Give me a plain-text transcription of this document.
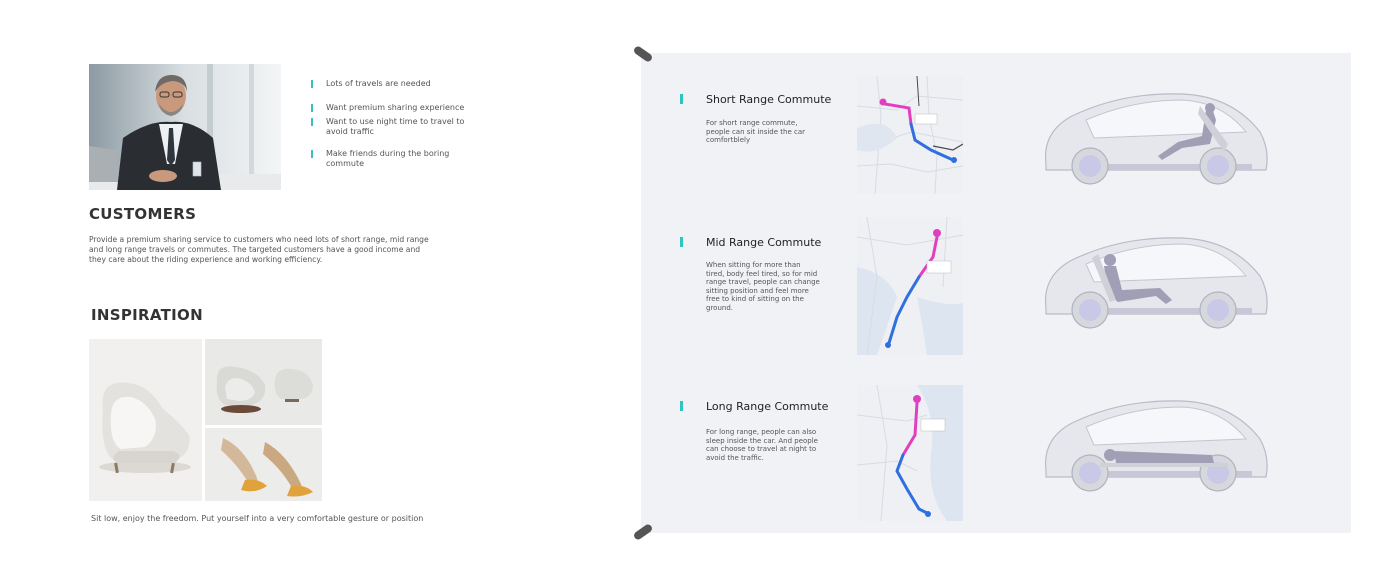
Lots of travels are needed
Want premium sharing experience
Want to use night time to travel to avoid traffic
Make friends during the boring commute
CUSTOMERS
Provide a premium sharing service to customers who need lots of short range, mid range and long range travels or commutes. The targeted customers have a good income and they care about the riding experience and working efficiency.
INSPIRATION
Sit low, enjoy the freedom. Put yourself into a very comfortable gesture or position
Short Range Commute
For short range commute, people can sit inside the car comfortblely
Mid Range Commute
When sitting for more than tired, body feel tired, so for mid range travel, people can change sitting position and feel more free to kind of sitting on the ground.
Long Range Commute
For long range, people can also sleep inside the car. And people can choose to travel at night to avoid the traffic.
